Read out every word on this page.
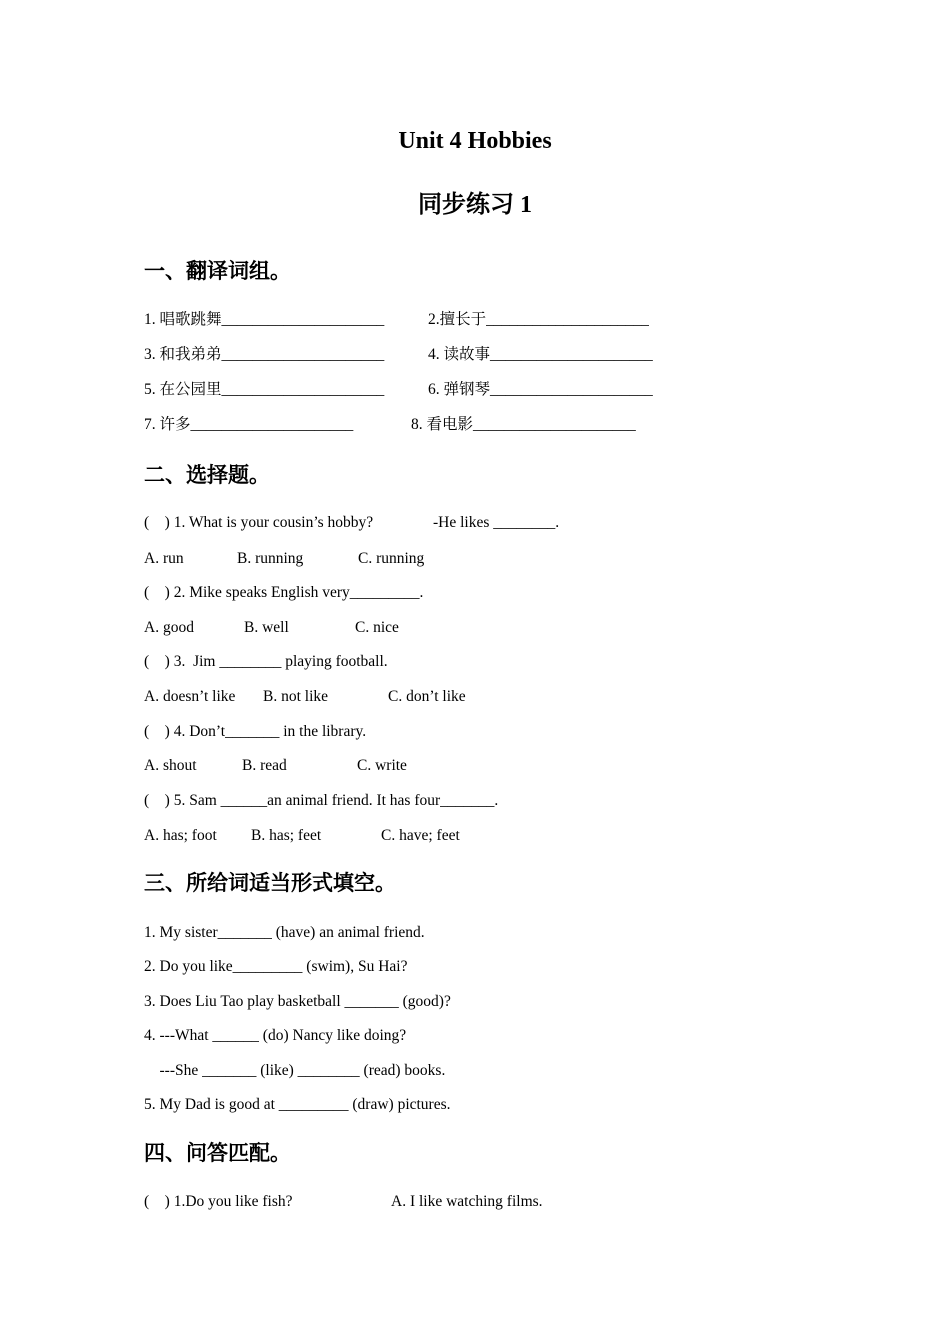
Unit 4 Hobbies
同步练习 1
一、翻译词组。
1. 唱歌跳舞_____________________	2.擅长于_____________________
3. 和我弟弟_____________________	4. 读故事_____________________
5. 在公园里_____________________	6. 弹钢琴_____________________
7. 许多_____________________	8. 看电影_____________________
二、选择题。
(    ) 1. What is your cousin’s hobby?	-He likes ________.
A. run	B. running	C. running
(    ) 2. Mike speaks English very_________.
A. good	B. well	C. nice
(    ) 3.  Jim ________ playing football.
A. doesn’t like B. not like	C. don’t like
(    ) 4. Don’t_______ in the library.
A. shout	B. read	C. write
(    ) 5. Sam ______an animal friend. It has four_______.
A. has; foot B. has; feet	C. have; feet
三、所给词适当形式填空。
1. My sister_______ (have) an animal friend.
2. Do you like_________ (swim), Su Hai?
3. Does Liu Tao play basketball _______ (good)?
4. ---What ______ (do) Nancy like doing?
---She _______ (like) ________ (read) books.
5. My Dad is good at _________ (draw) pictures.
四、问答匹配。
(    ) 1.Do you like fish?	A. I like watching films.
